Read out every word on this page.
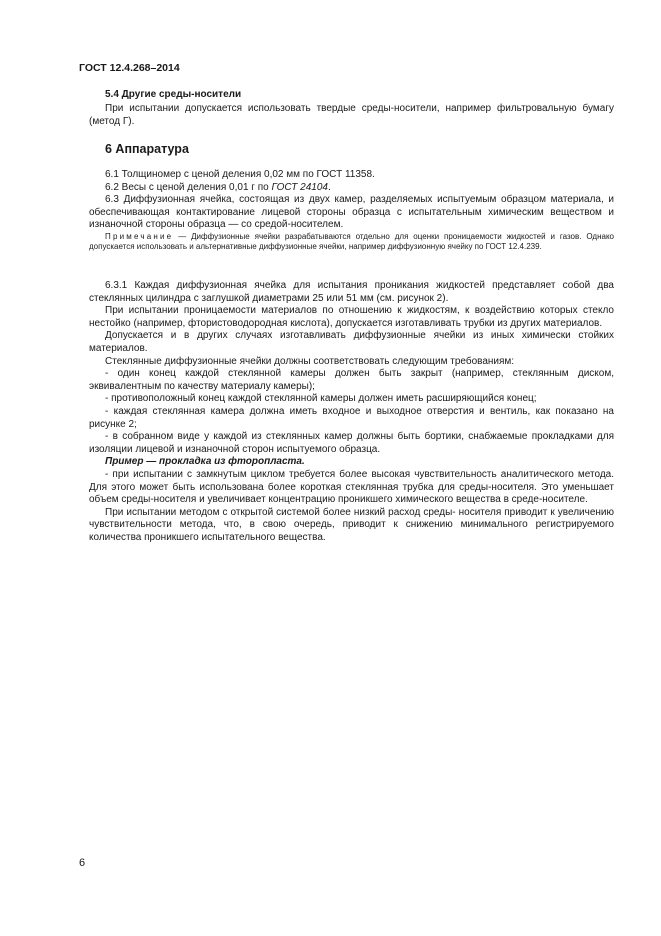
ГОСТ 12.4.268–2014
5.4 Другие среды-носители

При испытании допускается использовать твердые среды-носители, например фильтровальную бумагу (метод Г).

6 Аппаратура

6.1 Толщиномер с ценой деления 0,02 мм по ГОСТ 11358.

6.2 Весы с ценой деления 0,01 г по ГОСТ 24104.

6.3 Диффузионная ячейка, состоящая из двух камер, разделяемых испытуемым образцом материала, и обеспечивающая контактирование лицевой стороны образца с испытательным химическим веществом и изнаночной стороны образца — со средой-носителем.

Примечание — Диффузионные ячейки разрабатываются отдельно для оценки проницаемости жидкостей и газов. Однако допускается использовать и альтернативные диффузионные ячейки, например диффузионную ячейку по ГОСТ 12.4.239.

6.3.1 Каждая диффузионная ячейка для испытания проникания жидкостей представляет собой два стеклянных цилиндра с заглушкой диаметрами 25 или 51 мм (см. рисунок 2).

При испытании проницаемости материалов по отношению к жидкостям, к воздействию которых стекло нестойко (например, фтористоводородная кислота), допускается изготавливать трубки из других материалов.

Допускается и в других случаях изготавливать диффузионные ячейки из иных химически стойких материалов.

Стеклянные диффузионные ячейки должны соответствовать следующим требованиям:

- один конец каждой стеклянной камеры должен быть закрыт (например, стеклянным диском, эквивалентным по качеству материалу камеры);

- противоположный конец каждой стеклянной камеры должен иметь расширяющийся конец;

- каждая стеклянная камера должна иметь входное и выходное отверстия и вентиль, как показано на рисунке 2;

- в собранном виде у каждой из стеклянных камер должны быть бортики, снабжаемые прокладками для изоляции лицевой и изнаночной сторон испытуемого образца.

Пример — прокладка из фторопласта.

- при испытании с замкнутым циклом требуется более высокая чувствительность аналитического метода. Для этого может быть использована более короткая стеклянная трубка для среды-носителя. Это уменьшает объем среды-носителя и увеличивает концентрацию проникшего химического вещества в среде-носителе.

При испытании методом с открытой системой более низкий расход среды- носителя приводит к увеличению чувствительности метода, что, в свою очередь, приводит к снижению минимального регистрируемого количества проникшего испытательного вещества.

6
